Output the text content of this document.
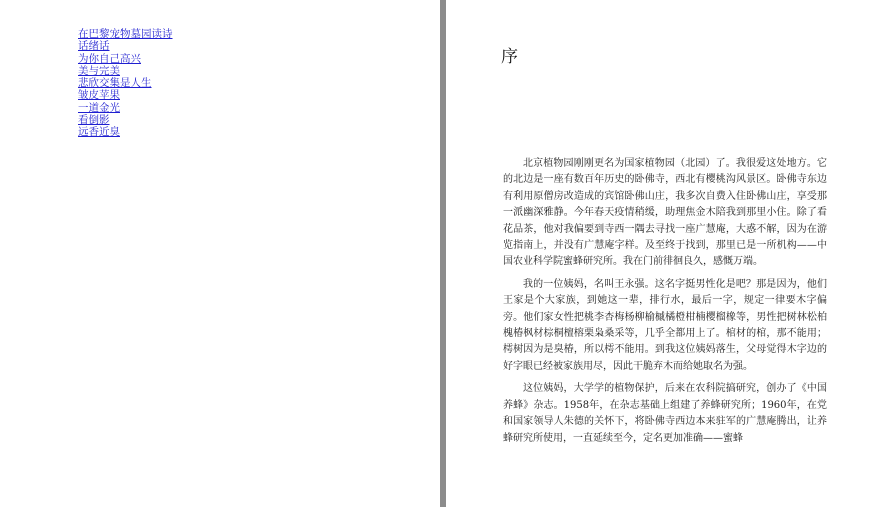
在巴黎宠物墓园读诗
话绪话
为你自己高兴
美与完美
悲欣交集是人生
皱皮苹果
一道金光
看倒影
远香近臭
序

北京植物园刚刚更名为国家植物园（北园）了。我很爱这处地方。它的北边是一座有数百年历史的卧佛寺，西北有樱桃沟风景区。卧佛寺东边有利用原僧房改造成的宾馆卧佛山庄，我多次自费入住卧佛山庄，享受那一派幽深雅静。今年春天疫情稍缓，助理焦金木陪我到那里小住。除了看花品茶，他对我偏要到寺西一隅去寻找一座广慧庵，大惑不解，因为在游览指南上，并没有广慧庵字样。及至终于找到，那里已是一所机构——中国农业科学院蜜蜂研究所。我在门前徘徊良久，感慨万端。

我的一位姨妈，名叫王永强。这名字挺男性化是吧？那是因为，他们王家是个大家族，到她这一辈，排行水，最后一字，规定一律要木字偏旁。他们家女性把桃李杏梅杨柳榆槭橘橙柑楠樱榴橡等，男性把树林松柏槐椿枫材棕桐檀榕栗枭桑采等，几乎全都用上了。棺材的棺，那不能用；樗树因为是臭椿，所以樗不能用。到我这位姨妈落生，父母觉得木字边的好字眼已经被家族用尽，因此干脆弃木而给她取名为强。

这位姨妈，大学学的植物保护，后来在农科院搞研究，创办了《中国养蜂》杂志。1958年，在杂志基础上组建了养蜂研究所；1960年，在党和国家领导人朱德的关怀下，将卧佛寺西边本来驻军的广慧庵腾出，让养蜂研究所使用，一直延续至今，定名更加准确——蜜蜂
